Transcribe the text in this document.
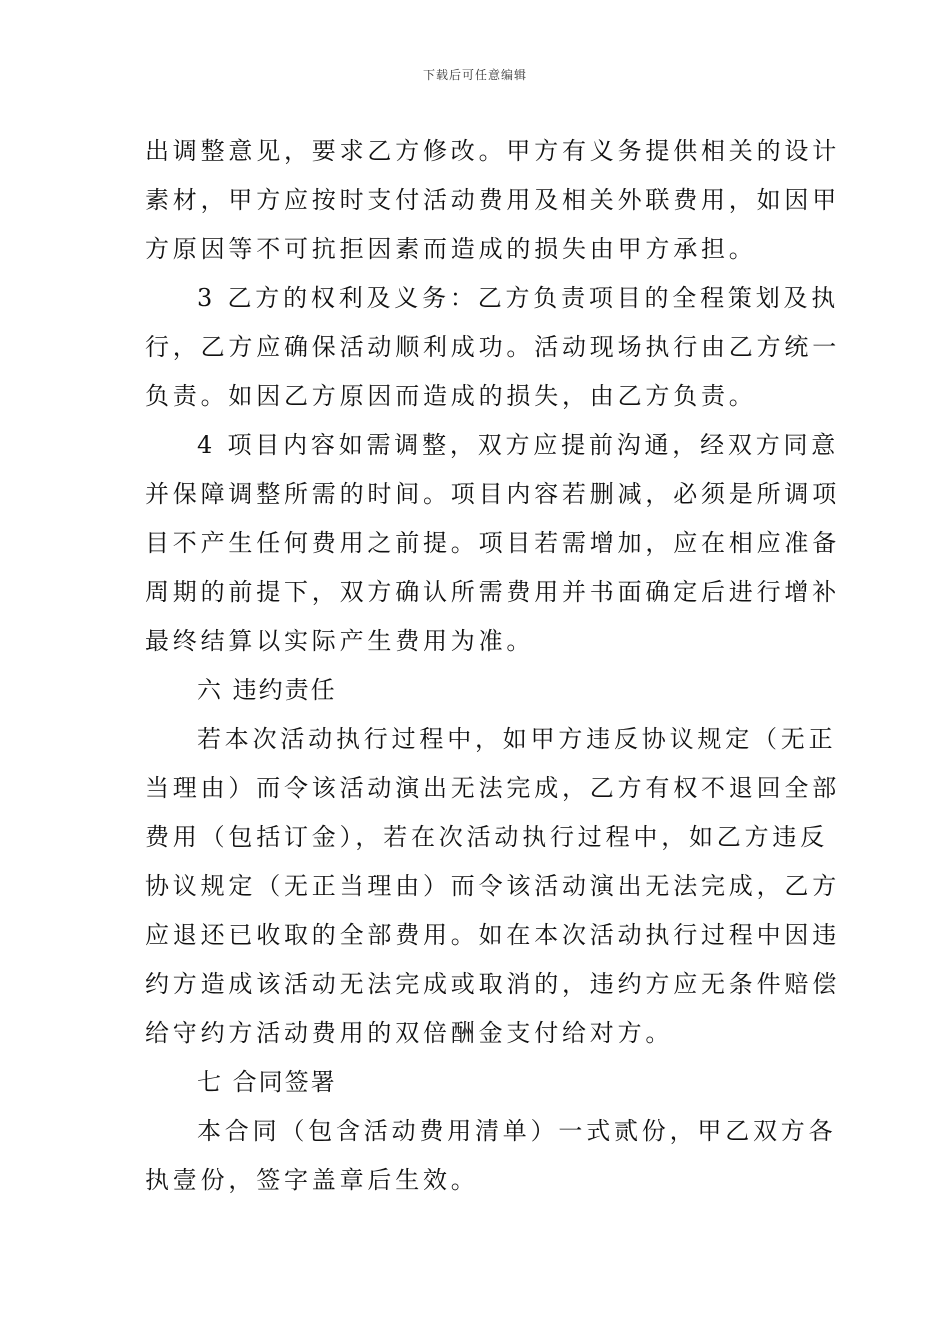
下载后可任意编辑
出调整意见，要求乙方修改。甲方有义务提供相关的设计
素材，甲方应按时支付活动费用及相关外联费用，如因甲
方原因等不可抗拒因素而造成的损失由甲方承担。
3 乙方的权利及义务：乙方负责项目的全程策划及执
行，乙方应确保活动顺利成功。活动现场执行由乙方统一
负责。如因乙方原因而造成的损失，由乙方负责。
4 项目内容如需调整，双方应提前沟通，经双方同意
并保障调整所需的时间。项目内容若删减，必须是所调项
目不产生任何费用之前提。项目若需增加，应在相应准备
周期的前提下，双方确认所需费用并书面确定后进行增补
最终结算以实际产生费用为准。
六 违约责任
若本次活动执行过程中，如甲方违反协议规定（无正
当理由）而令该活动演出无法完成，乙方有权不退回全部
费用（包括订金），若在次活动执行过程中，如乙方违反
协议规定（无正当理由）而令该活动演出无法完成，乙方
应退还已收取的全部费用。如在本次活动执行过程中因违
约方造成该活动无法完成或取消的，违约方应无条件赔偿
给守约方活动费用的双倍酬金支付给对方。
七 合同签署
本合同（包含活动费用清单）一式贰份，甲乙双方各
执壹份，签字盖章后生效。
